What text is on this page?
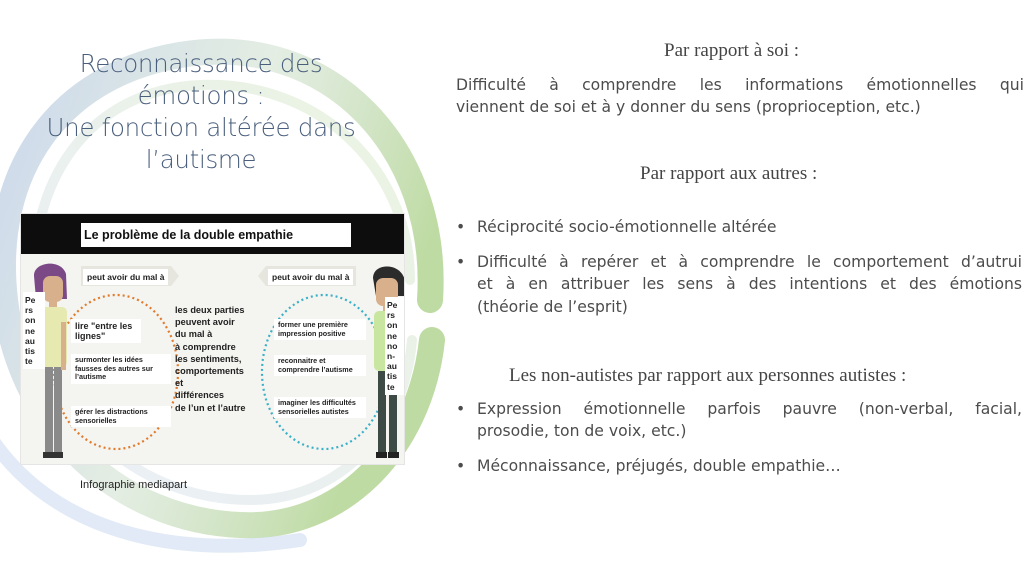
Reconnaissance des
émotions :
Une fonction altérée dans
l’autisme
Le problème de la double empathie
peut avoir du mal à	peut avoir du mal à
Pe
rs
on
ne
au
tis
te
Pe
rs
on
ne
no
n-
au
tis
te
lire "entre les lignes"
surmonter les idées fausses des autres sur l’autisme
gérer les distractions sensorielles
former une première impression positive
reconnaitre et comprendre l’autisme
imaginer les difficultés sensorielles autistes
les deux parties
peuvent avoir
du mal à
à comprendre
les sentiments,
comportements
et
différences
de l’un et l’autre
Infographie mediapart
Par rapport à soi :
Difficulté à comprendre les informations émotionnelles qui
viennent de soi et à y donner du sens (proprioception, etc.)
Par rapport aux autres :
• Réciprocité socio-émotionnelle altérée
• Difficulté à repérer et à comprendre le comportement d’autrui
et à en attribuer les sens à des intentions et des émotions
(théorie de l’esprit)
Les non-autistes par rapport aux personnes autistes :
• Expression émotionnelle parfois pauvre (non-verbal, facial,
prosodie, ton de voix, etc.)
• Méconnaissance, préjugés, double empathie…
